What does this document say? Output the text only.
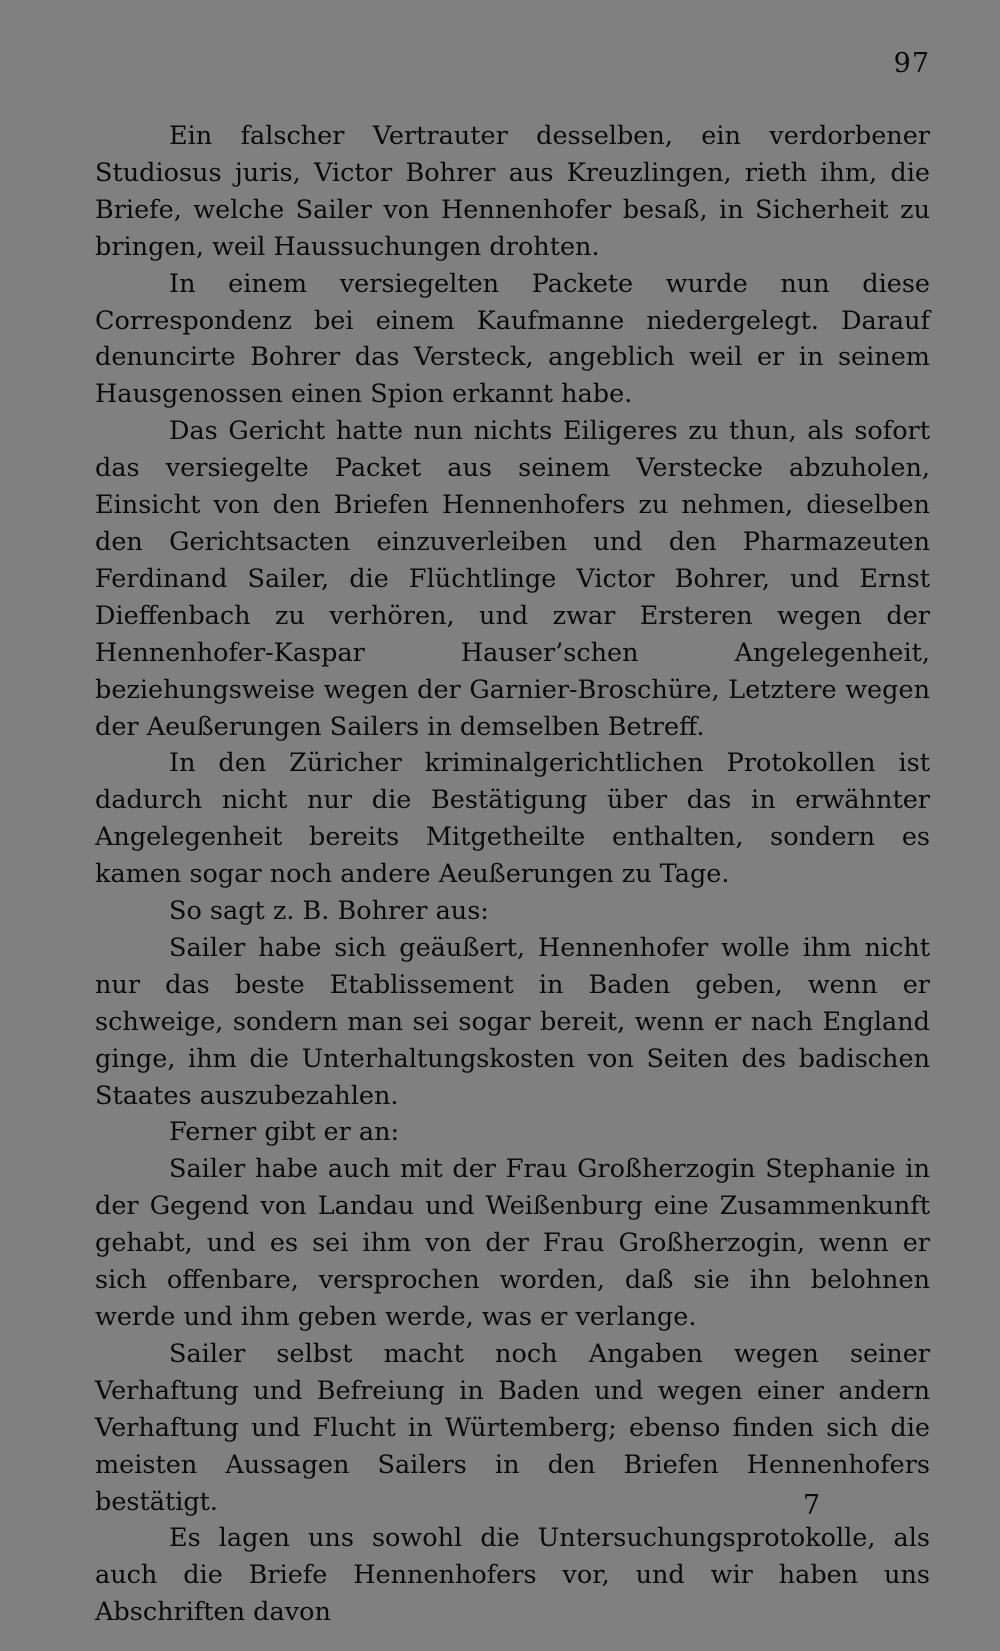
97

Ein falscher Vertrauter desselben, ein verdorbener Studiosus juris, Victor Bohrer aus Kreuzlingen, rieth ihm, die Briefe, welche Sailer von Hennenhofer besaß, in Sicherheit zu bringen, weil Haussuchungen drohten.

In einem versiegelten Packete wurde nun diese Correspondenz bei einem Kaufmanne niedergelegt. Darauf denuncirte Bohrer das Versteck, angeblich weil er in seinem Hausgenossen einen Spion erkannt habe.

Das Gericht hatte nun nichts Eiligeres zu thun, als sofort das versiegelte Packet aus seinem Verstecke abzuholen, Einsicht von den Briefen Hennenhofers zu nehmen, dieselben den Gerichtsacten einzuverleiben und den Pharmazeuten Ferdinand Sailer, die Flüchtlinge Victor Bohrer, und Ernst Dieffenbach zu verhören, und zwar Ersteren wegen der Hennenhofer-Kaspar Hauser’schen Angelegenheit, beziehungsweise wegen der Garnier-Broschüre, Letztere wegen der Aeußerungen Sailers in demselben Betreff.

In den Züricher kriminalgerichtlichen Protokollen ist dadurch nicht nur die Bestätigung über das in erwähnter Angelegenheit bereits Mitgetheilte enthalten, sondern es kamen sogar noch andere Aeußerungen zu Tage.

So sagt z. B. Bohrer aus:

Sailer habe sich geäußert, Hennenhofer wolle ihm nicht nur das beste Etablissement in Baden geben, wenn er schweige, sondern man sei sogar bereit, wenn er nach England ginge, ihm die Unterhaltungskosten von Seiten des badischen Staates auszubezahlen.

Ferner gibt er an:

Sailer habe auch mit der Frau Großherzogin Stephanie in der Gegend von Landau und Weißenburg eine Zusammenkunft gehabt, und es sei ihm von der Frau Großherzogin, wenn er sich offenbare, versprochen worden, daß sie ihn belohnen werde und ihm geben werde, was er verlange.

Sailer selbst macht noch Angaben wegen seiner Verhaftung und Befreiung in Baden und wegen einer andern Verhaftung und Flucht in Würtemberg; ebenso finden sich die meisten Aussagen Sailers in den Briefen Hennenhofers bestätigt.

Es lagen uns sowohl die Untersuchungsprotokolle, als auch die Briefe Hennenhofers vor, und wir haben uns Abschriften davon

7
